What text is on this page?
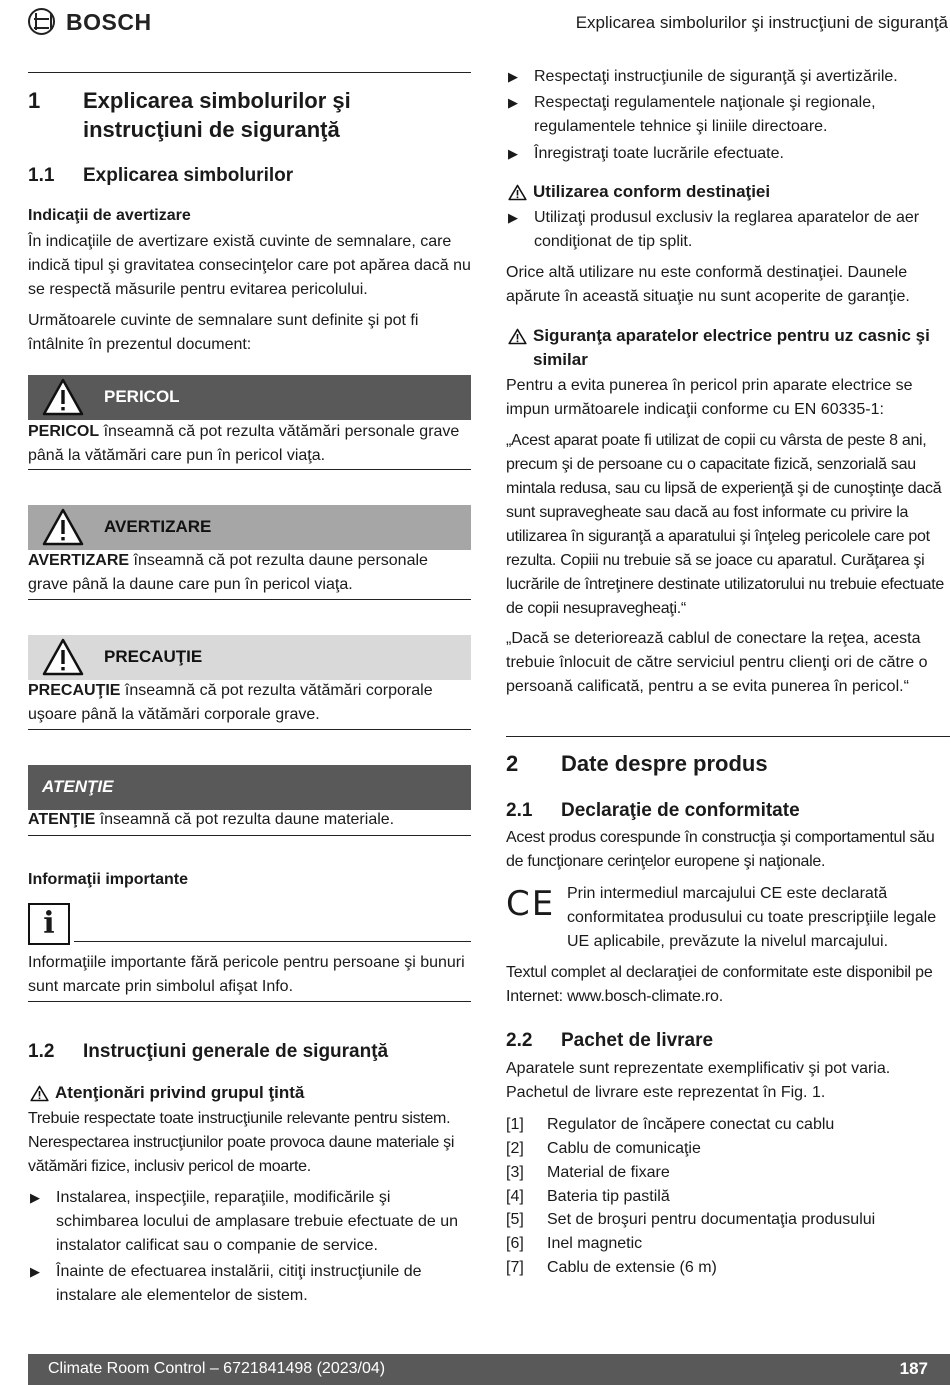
BOSCH	Explicarea simbolurilor şi instrucţiuni de siguranţă
1 Explicarea simbolurilor şi instrucţiuni de siguranţă
1.1 Explicarea simbolurilor
Indicaţii de avertizare
În indicaţiile de avertizare există cuvinte de semnalare, care indică tipul şi gravitatea consecinţelor care pot apărea dacă nu se respectă măsurile pentru evitarea pericolului.
Următoarele cuvinte de semnalare sunt definite şi pot fi întâlnite în prezentul document:
PERICOL
PERICOL înseamnă că pot rezulta vătămări personale grave până la vătămări care pun în pericol viaţa.
AVERTIZARE
AVERTIZARE înseamnă că pot rezulta daune personale grave până la daune care pun în pericol viaţa.
PRECAUŢIE
PRECAUŢIE înseamnă că pot rezulta vătămări corporale uşoare până la vătămări corporale grave.
ATENŢIE
ATENŢIE înseamnă că pot rezulta daune materiale.
Informaţii importante
i
Informaţiile importante fără pericole pentru persoane şi bunuri sunt marcate prin simbolul afişat Info.
1.2 Instrucţiuni generale de siguranţă
Atenţionări privind grupul ţintă
Trebuie respectate toate instrucţiunile relevante pentru sistem. Nerespectarea instrucţiunilor poate provoca daune materiale şi vătămări fizice, inclusiv pericol de moarte.
▶ Instalarea, inspecţiile, reparaţiile, modificările şi schimbarea locului de amplasare trebuie efectuate de un instalator calificat sau o companie de service.
▶ Înainte de efectuarea instalării, citiţi instrucţiunile de instalare ale elementelor de sistem.
▶ Respectaţi instrucţiunile de siguranţă şi avertizările.
▶ Respectaţi regulamentele naţionale şi regionale, regulamentele tehnice şi liniile directoare.
▶ Înregistraţi toate lucrările efectuate.
Utilizarea conform destinaţiei
▶ Utilizaţi produsul exclusiv la reglarea aparatelor de aer condiţionat de tip split.
Orice altă utilizare nu este conformă destinaţiei. Daunele apărute în această situaţie nu sunt acoperite de garanţie.
Siguranţa aparatelor electrice pentru uz casnic şi similar
Pentru a evita punerea în pericol prin aparate electrice se impun următoarele indicaţii conforme cu EN 60335-1:
„Acest aparat poate fi utilizat de copii cu vârsta de peste 8 ani, precum şi de persoane cu o capacitate fizică, senzorială sau mintala redusa, sau cu lipsă de experienţă şi de cunoştinţe dacă sunt supravegheate sau dacă au fost informate cu privire la utilizarea în siguranţă a aparatului şi înţeleg pericolele care pot rezulta. Copiii nu trebuie să se joace cu aparatul. Curăţarea şi lucrările de întreţinere destinate utilizatorului nu trebuie efectuate de copii nesupravegheaţi.“
„Dacă se deteriorează cablul de conectare la reţea, acesta trebuie înlocuit de către serviciul pentru clienţi ori de către o persoană calificată, pentru a se evita punerea în pericol.“
2 Date despre produs
2.1 Declaraţie de conformitate
Acest produs corespunde în construcţia şi comportamentul său de funcţionare cerinţelor europene şi naţionale.
CE Prin intermediul marcajului CE este declarată conformitatea produsului cu toate prescripţiile legale UE aplicabile, prevăzute la nivelul marcajului.
Textul complet al declaraţiei de conformitate este disponibil pe Internet: www.bosch-climate.ro.
2.2 Pachet de livrare
Aparatele sunt reprezentate exemplificativ şi pot varia. Pachetul de livrare este reprezentat în Fig. 1.
[1] Regulator de încăpere conectat cu cablu
[2] Cablu de comunicaţie
[3] Material de fixare
[4] Bateria tip pastilă
[5] Set de broşuri pentru documentaţia produsului
[6] Inel magnetic
[7] Cablu de extensie (6 m)
Climate Room Control – 6721841498 (2023/04)	187
